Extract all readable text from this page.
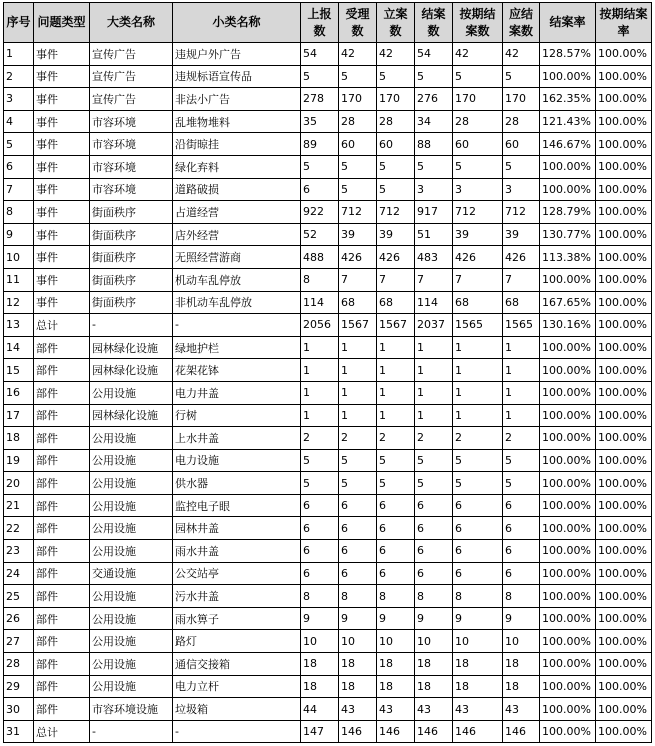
序号	问题类型	大类名称	小类名称	上报数	受理数	立案数	结案数	按期结案数	应结案数	结案率	按期结案率
1	事件	宣传广告	违规户外广告	54	42	42	54	42	42	128.57%	100.00%
2	事件	宣传广告	违规标语宣传品	5	5	5	5	5	5	100.00%	100.00%
3	事件	宣传广告	非法小广告	278	170	170	276	170	170	162.35%	100.00%
4	事件	市容环境	乱堆物堆料	35	28	28	34	28	28	121.43%	100.00%
5	事件	市容环境	沿街晾挂	89	60	60	88	60	60	146.67%	100.00%
6	事件	市容环境	绿化弃料	5	5	5	5	5	5	100.00%	100.00%
7	事件	市容环境	道路破损	6	5	5	3	3	3	100.00%	100.00%
8	事件	街面秩序	占道经营	922	712	712	917	712	712	128.79%	100.00%
9	事件	街面秩序	店外经营	52	39	39	51	39	39	130.77%	100.00%
10	事件	街面秩序	无照经营游商	488	426	426	483	426	426	113.38%	100.00%
11	事件	街面秩序	机动车乱停放	8	7	7	7	7	7	100.00%	100.00%
12	事件	街面秩序	非机动车乱停放	114	68	68	114	68	68	167.65%	100.00%
13	总计	-	-	2056	1567	1567	2037	1565	1565	130.16%	100.00%
14	部件	园林绿化设施	绿地护栏	1	1	1	1	1	1	100.00%	100.00%
15	部件	园林绿化设施	花架花钵	1	1	1	1	1	1	100.00%	100.00%
16	部件	公用设施	电力井盖	1	1	1	1	1	1	100.00%	100.00%
17	部件	园林绿化设施	行树	1	1	1	1	1	1	100.00%	100.00%
18	部件	公用设施	上水井盖	2	2	2	2	2	2	100.00%	100.00%
19	部件	公用设施	电力设施	5	5	5	5	5	5	100.00%	100.00%
20	部件	公用设施	供水器	5	5	5	5	5	5	100.00%	100.00%
21	部件	公用设施	监控电子眼	6	6	6	6	6	6	100.00%	100.00%
22	部件	公用设施	园林井盖	6	6	6	6	6	6	100.00%	100.00%
23	部件	公用设施	雨水井盖	6	6	6	6	6	6	100.00%	100.00%
24	部件	交通设施	公交站亭	6	6	6	6	6	6	100.00%	100.00%
25	部件	公用设施	污水井盖	8	8	8	8	8	8	100.00%	100.00%
26	部件	公用设施	雨水箅子	9	9	9	9	9	9	100.00%	100.00%
27	部件	公用设施	路灯	10	10	10	10	10	10	100.00%	100.00%
28	部件	公用设施	通信交接箱	18	18	18	18	18	18	100.00%	100.00%
29	部件	公用设施	电力立杆	18	18	18	18	18	18	100.00%	100.00%
30	部件	市容环境设施	垃圾箱	44	43	43	43	43	43	100.00%	100.00%
31	总计	-	-	147	146	146	146	146	146	100.00%	100.00%
